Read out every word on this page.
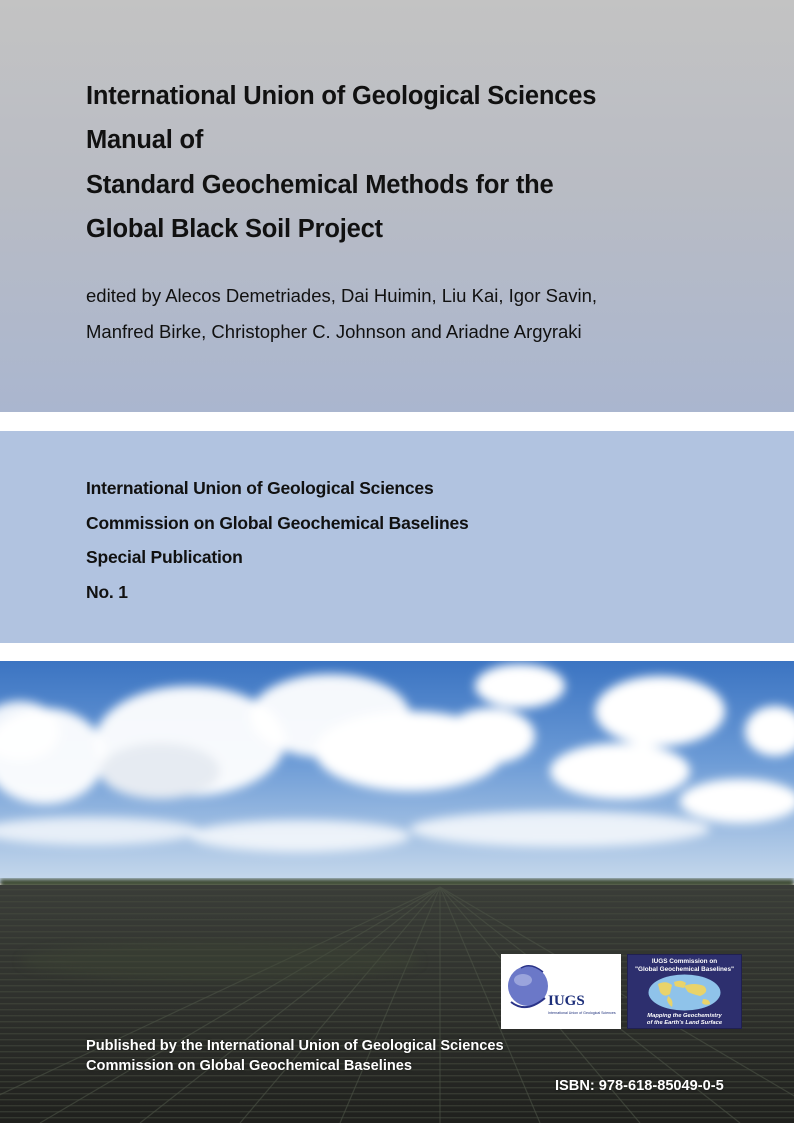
International Union of Geological Sciences
Manual of
Standard Geochemical Methods for the
Global Black Soil Project
edited by Alecos Demetriades, Dai Huimin, Liu Kai, Igor Savin,
Manfred Birke, Christopher C. Johnson and Ariadne Argyraki
International Union of Geological Sciences
Commission on Global Geochemical Baselines
Special Publication
No. 1
IUGS
International Union of Geological Sciences
IUGS Commission on
"Global Geochemical Baselines"
Mapping the Geochemistry
of the Earth's Land Surface
Published by the International Union of Geological Sciences
Commission on Global Geochemical Baselines
ISBN: 978-618-85049-0-5
